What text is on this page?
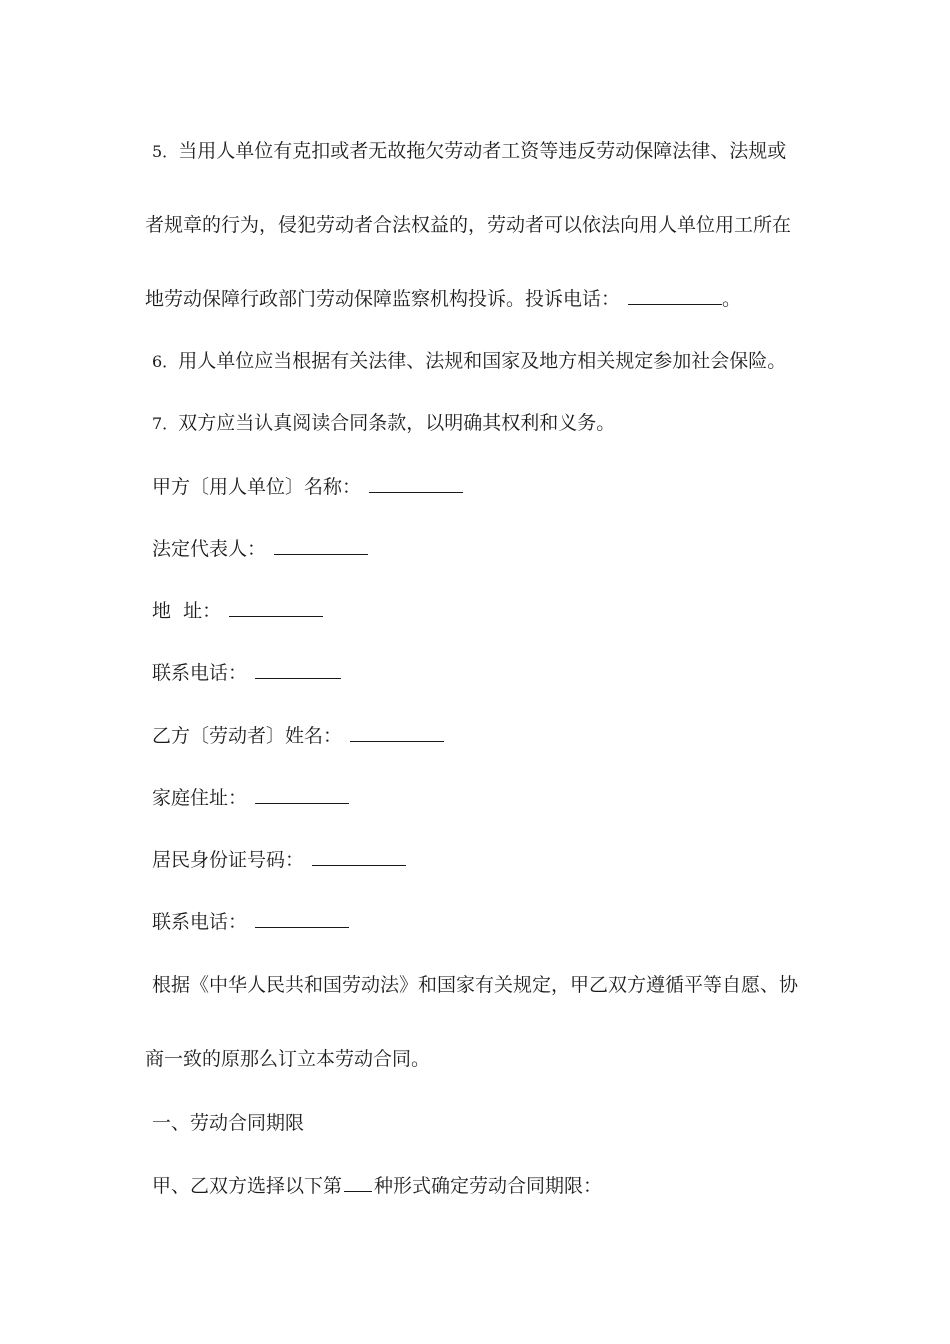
5．当用人单位有克扣或者无故拖欠劳动者工资等违反劳动保障法律、法规或
者规章的行为，侵犯劳动者合法权益的，劳动者可以依法向用人单位用工所在
地劳动保障行政部门劳动保障监察机构投诉。投诉电话：	。
6．用人单位应当根据有关法律、法规和国家及地方相关规定参加社会保险。
7．双方应当认真阅读合同条款，以明确其权利和义务。
甲方〔用人单位〕名称：
法定代表人：
地  址：
联系电话：
乙方〔劳动者〕姓名：
家庭住址：
居民身份证号码：
联系电话：
根据《中华人民共和国劳动法》和国家有关规定，甲乙双方遵循平等自愿、协
商一致的原那么订立本劳动合同。
一、劳动合同期限
甲、乙双方选择以下第 种形式确定劳动合同期限：
